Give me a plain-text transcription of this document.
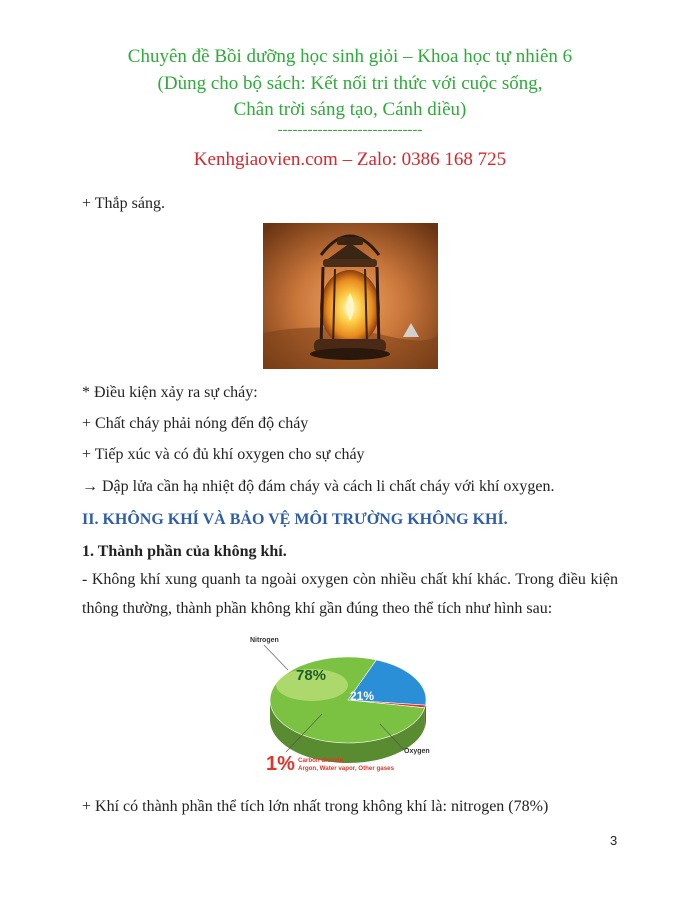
Chuyên đề Bồi dưỡng học sinh giỏi – Khoa học tự nhiên 6
(Dùng cho bộ sách: Kết nối tri thức với cuộc sống,
Chân trời sáng tạo, Cánh diều)
-----------------------------
Kenhgiaovien.com – Zalo: 0386 168 725
+ Thắp sáng.
* Điều kiện xảy ra sự cháy:
+ Chất cháy phải nóng đến độ cháy
+ Tiếp xúc và có đủ khí oxygen cho sự cháy
→ Dập lửa cần hạ nhiệt độ đám cháy và cách li chất cháy với khí oxygen.
II. KHÔNG KHÍ VÀ BẢO VỆ MÔI TRƯỜNG KHÔNG KHÍ.
1. Thành phần của không khí.
- Không khí xung quanh ta ngoài oxygen còn nhiều chất khí khác. Trong điều kiện thông thường, thành phần không khí gần đúng theo thể tích như hình sau:
78%
21%
Nitrogen
Oxygen
1% Carbon dioxide,
Argon, Water vapor, Other gases
+ Khí có thành phần thể tích lớn nhất trong không khí là: nitrogen (78%)
3
